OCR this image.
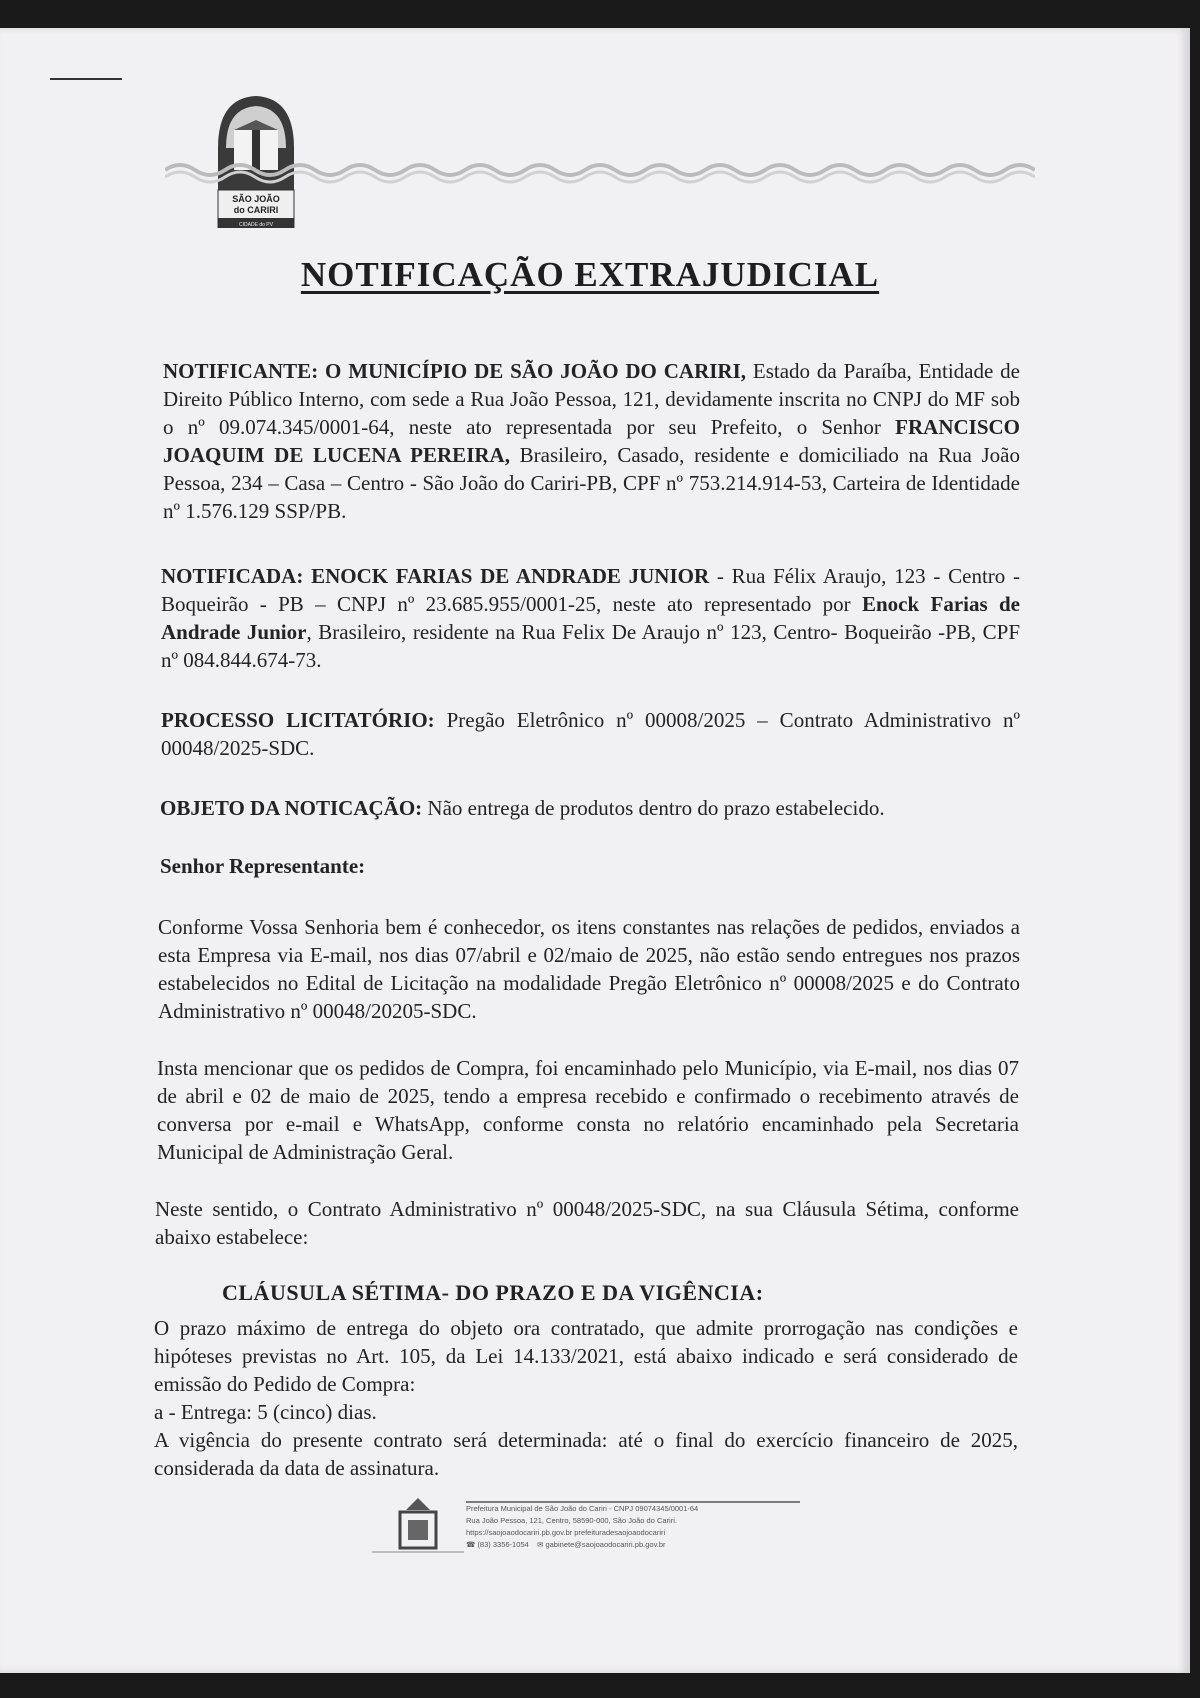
SÃO JOÃO
do CARIRI
CIDADE do PV
NOTIFICAÇÃO EXTRAJUDICIAL
NOTIFICANTE: O MUNICÍPIO DE SÃO JOÃO DO CARIRI, Estado da Paraíba, Entidade de Direito Público Interno, com sede a Rua João Pessoa, 121, devidamente inscrita no CNPJ do MF sob o nº 09.074.345/0001-64, neste ato representada por seu Prefeito, o Senhor FRANCISCO JOAQUIM DE LUCENA PEREIRA, Brasileiro, Casado, residente e domiciliado na Rua João Pessoa, 234 – Casa – Centro - São João do Cariri-PB, CPF nº 753.214.914-53, Carteira de Identidade nº 1.576.129 SSP/PB.
NOTIFICADA: ENOCK FARIAS DE ANDRADE JUNIOR - Rua Félix Araujo, 123 - Centro - Boqueirão - PB – CNPJ nº 23.685.955/0001-25, neste ato representado por Enock Farias de Andrade Junior, Brasileiro, residente na Rua Felix De Araujo nº 123, Centro- Boqueirão -PB, CPF nº 084.844.674-73.
PROCESSO LICITATÓRIO: Pregão Eletrônico nº 00008/2025 – Contrato Administrativo nº 00048/2025-SDC.
OBJETO DA NOTICAÇÃO: Não entrega de produtos dentro do prazo estabelecido.
Senhor Representante:
Conforme Vossa Senhoria bem é conhecedor, os itens constantes nas relações de pedidos, enviados a esta Empresa via E-mail, nos dias 07/abril e 02/maio de 2025, não estão sendo entregues nos prazos estabelecidos no Edital de Licitação na modalidade Pregão Eletrônico nº 00008/2025 e do Contrato Administrativo nº 00048/20205-SDC.
Insta mencionar que os pedidos de Compra, foi encaminhado pelo Município, via E-mail, nos dias 07 de abril e 02 de maio de 2025, tendo a empresa recebido e confirmado o recebimento através de conversa por e-mail e WhatsApp, conforme consta no relatório encaminhado pela Secretaria Municipal de Administração Geral.
Neste sentido, o Contrato Administrativo nº 00048/2025-SDC, na sua Cláusula Sétima, conforme abaixo estabelece:
CLÁUSULA SÉTIMA- DO PRAZO E DA VIGÊNCIA:
O prazo máximo de entrega do objeto ora contratado, que admite prorrogação nas condições e hipóteses previstas no Art. 105, da Lei 14.133/2021, está abaixo indicado e será considerado de emissão do Pedido de Compra:
a - Entrega: 5 (cinco) dias.
A vigência do presente contrato será determinada: até o final do exercício financeiro de 2025, considerada da data de assinatura.
Prefeitura Municipal de São João do Cariri - CNPJ 09074345/0001-64
Rua João Pessoa, 121, Centro, 58590-000, São João do Cariri.
https://saojoaodocariri.pb.gov.br prefeituradesaojoaodocariri
☎ (83) 3356-1054 ✉ gabinete@saojoaodocariri.pb.gov.br
